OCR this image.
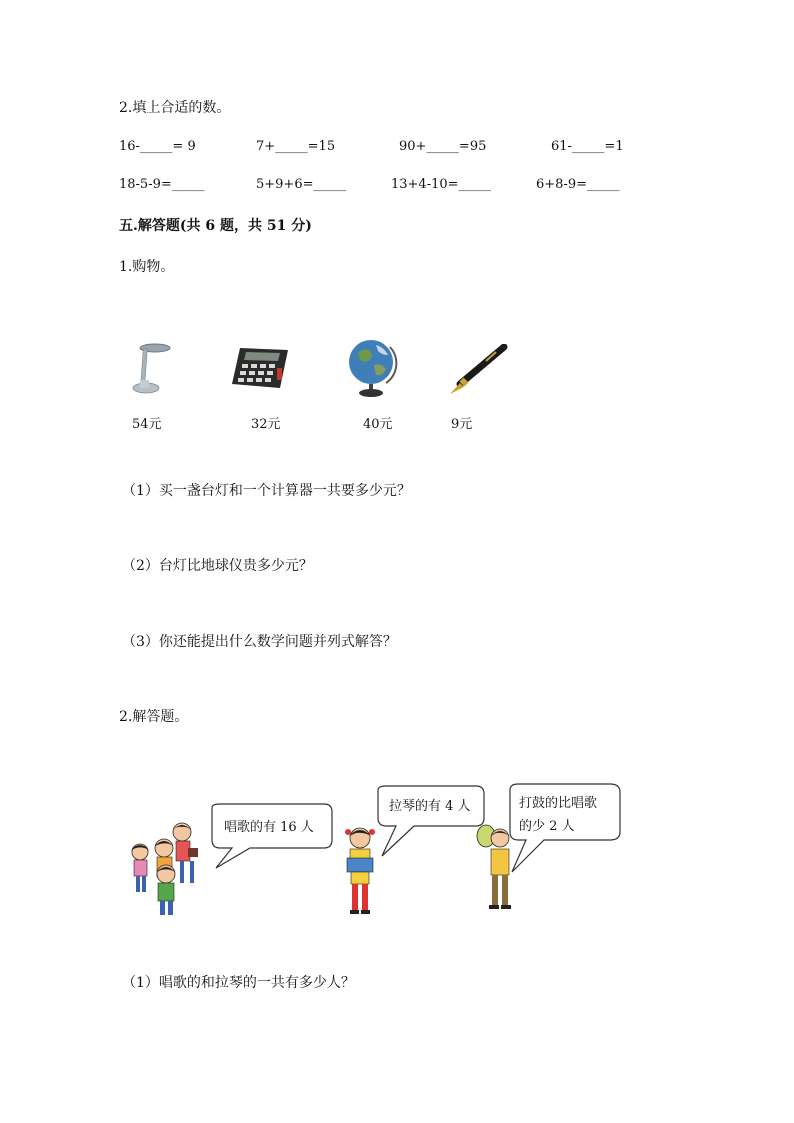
2.填上合适的数。
16-_____= 9	7+_____=15	90+_____=95	61-_____=1
18-5-9=_____	5+9+6=_____	13+4-10=_____	6+8-9=_____
五.解答题(共 6 题，共 51 分)
1.购物。
54元	32元	40元	9元
（1）买一盏台灯和一个计算器一共要多少元？
（2）台灯比地球仪贵多少元？
（3）你还能提出什么数学问题并列式解答？
2.解答题。
唱歌的有 16 人
拉琴的有 4 人	打鼓的比唱歌
的少 2 人
（1）唱歌的和拉琴的一共有多少人？
